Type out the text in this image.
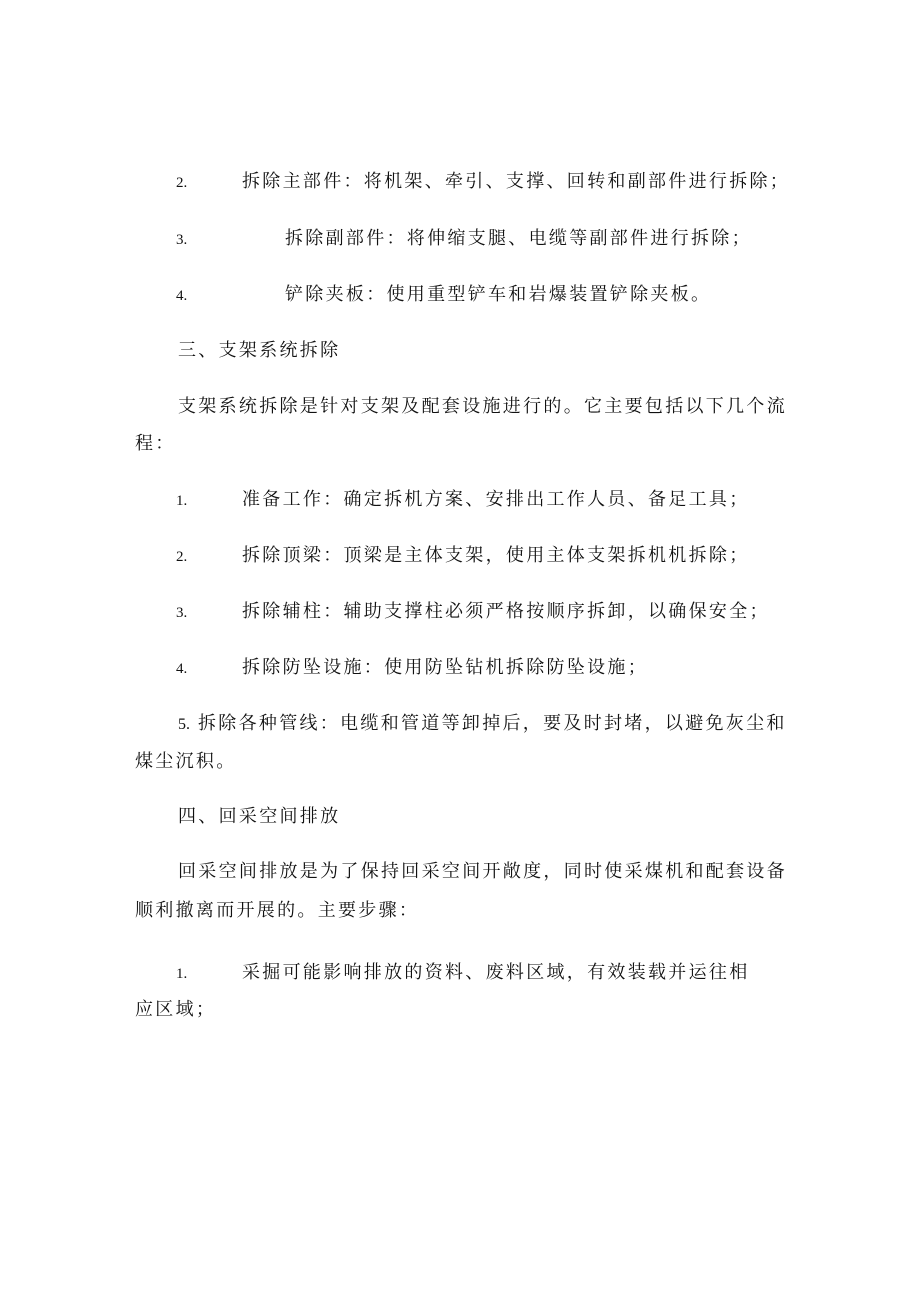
2.	拆除主部件：将机架、牵引、支撑、回转和副部件进行拆除；
3.	拆除副部件：将伸缩支腿、电缆等副部件进行拆除；
4.	铲除夹板：使用重型铲车和岩爆装置铲除夹板。
三、支架系统拆除
支架系统拆除是针对支架及配套设施进行的。它主要包括以下几个流
程：
1.	准备工作：确定拆机方案、安排出工作人员、备足工具；
2.	拆除顶梁：顶梁是主体支架，使用主体支架拆机机拆除；
3.	拆除辅柱：辅助支撑柱必须严格按顺序拆卸，以确保安全；
4.	拆除防坠设施：使用防坠钻机拆除防坠设施；
5. 拆除各种管线：电缆和管道等卸掉后，要及时封堵，以避免灰尘和
煤尘沉积。
四、回采空间排放
回采空间排放是为了保持回采空间开敞度，同时使采煤机和配套设备
顺利撤离而开展的。主要步骤：
1.	采掘可能影响排放的资料、废料区域，有效装载并运往相
应区域；
